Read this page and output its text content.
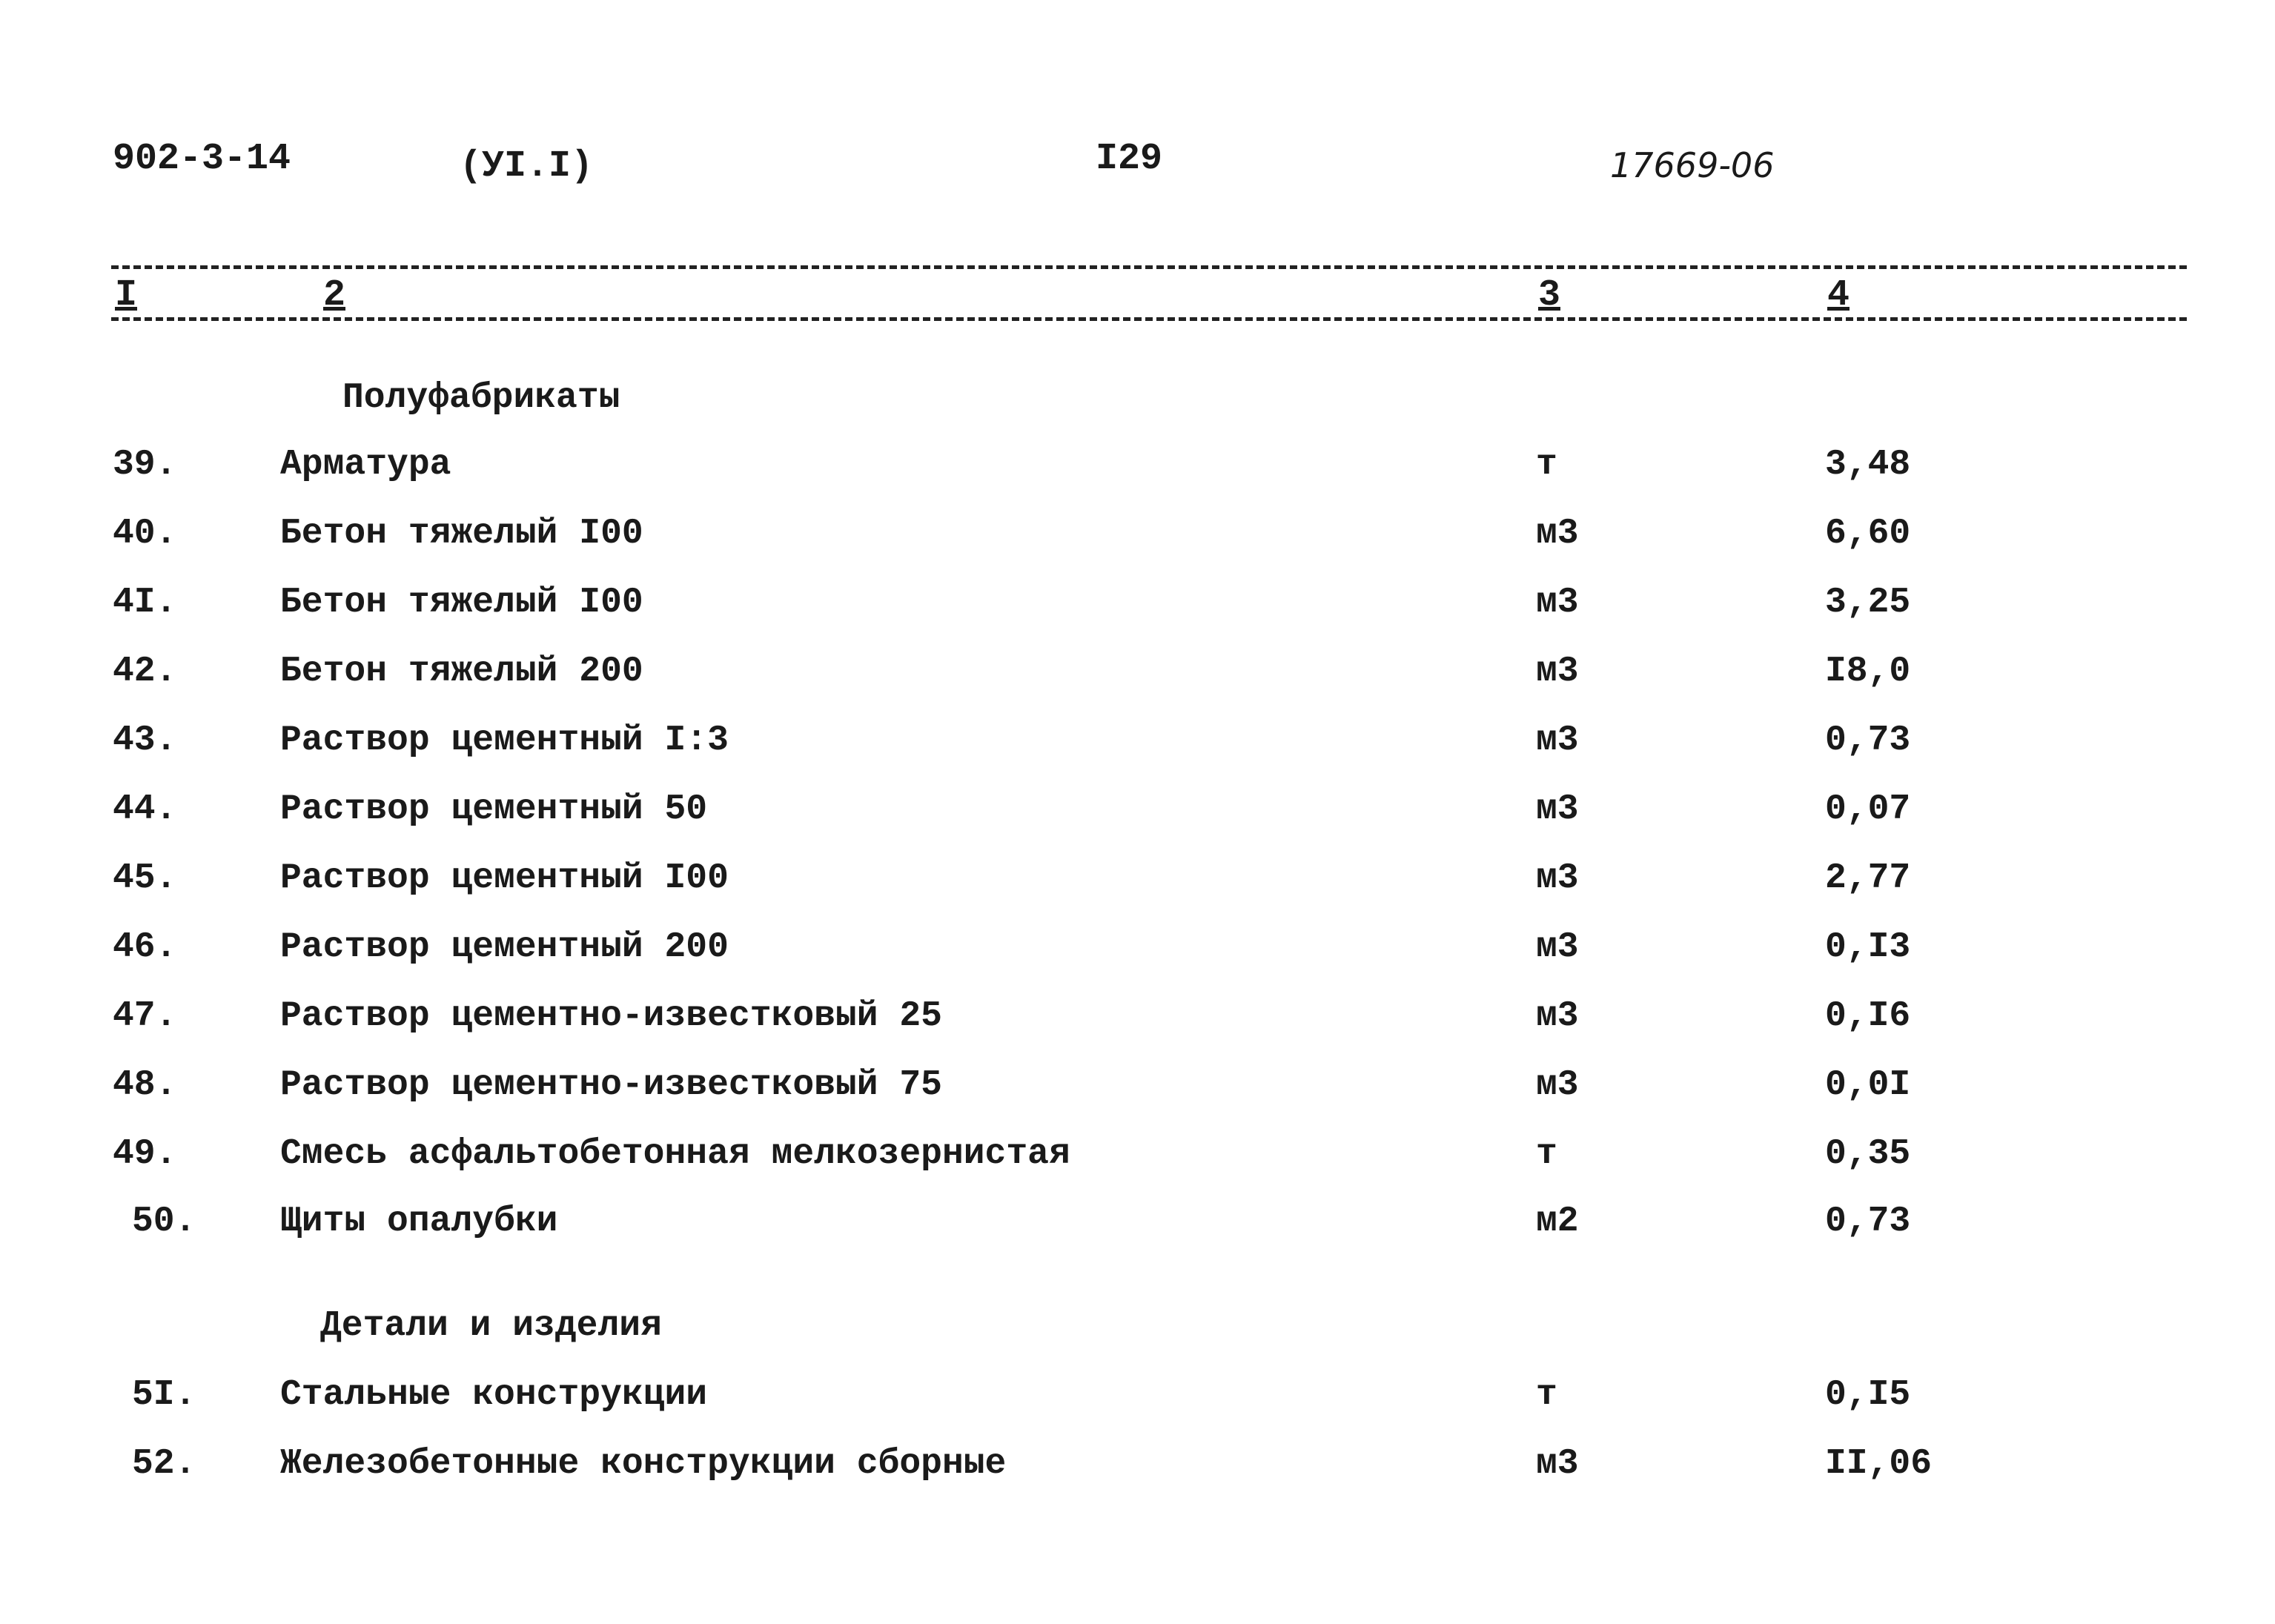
902-3-14	(УI.I)	I29	17669-06
I	2	3	4
Полуфабрикаты
39.	Арматура	т	3,48
40.	Бетон тяжелый I00	м3	6,60
4I.	Бетон тяжелый I00	м3	3,25
42.	Бетон тяжелый 200	м3	I8,0
43.	Раствор цементный I:3	м3	0,73
44.	Раствор цементный 50	м3	0,07
45.	Раствор цементный I00	м3	2,77
46.	Раствор цементный 200	м3	0,I3
47.	Раствор цементно-известковый 25	м3	0,I6
48.	Раствор цементно-известковый 75	м3	0,0I
49.	Смесь асфальтобетонная мелкозернистая	т	0,35
50. Щиты опалубки	м2	0,73
Детали и изделия
5I. Стальные конструкции	т	0,I5
52. Железобетонные конструкции сборные	м3	II,06
